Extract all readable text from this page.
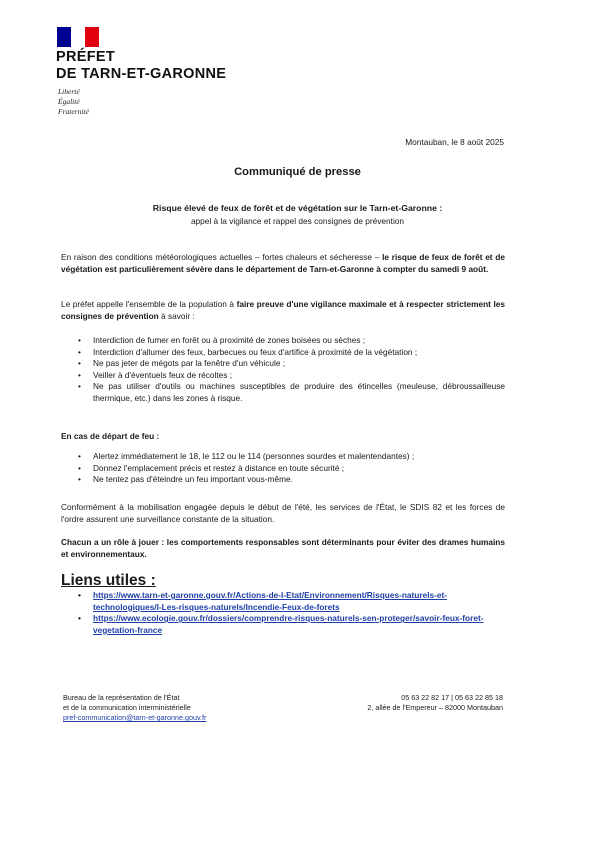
PRÉFET
DE TARN-ET-GARONNE
Liberté
Égalité
Fraternité
Montauban, le 8 août 2025
Communiqué de presse
Risque élevé de feux de forêt et de végétation sur le Tarn-et-Garonne :
appel à la vigilance et rappel des consignes de prévention
En raison des conditions météorologiques actuelles – fortes chaleurs et sécheresse – le risque de feux de forêt et de végétation est particulièrement sévère dans le département de Tarn-et-Garonne à compter du samedi 9 août.
Le préfet appelle l'ensemble de la population à faire preuve d'une vigilance maximale et à respecter strictement les consignes de prévention à savoir :
• Interdiction de fumer en forêt ou à proximité de zones boisées ou sèches ;
• Interdiction d'allumer des feux, barbecues ou feux d'artifice à proximité de la végétation ;
• Ne pas jeter de mégots par la fenêtre d'un véhicule ;
• Veiller à d'éventuels feux de récoltes ;
• Ne pas utiliser d'outils ou machines susceptibles de produire des étincelles (meuleuse, débroussailleuse thermique, etc.) dans les zones à risque.
En cas de départ de feu :
• Alertez immédiatement le 18, le 112 ou le 114 (personnes sourdes et malentendantes) ;
• Donnez l'emplacement précis et restez à distance en toute sécurité ;
• Ne tentez pas d'éteindre un feu important vous-même.
Conformément à la mobilisation engagée depuis le début de l'été, les services de l'État, le SDIS 82 et les forces de l'ordre assurent une surveillance constante de la situation.
Chacun a un rôle à jouer : les comportements responsables sont déterminants pour éviter des drames humains et environnementaux.
Liens utiles :
• https://www.tarn-et-garonne.gouv.fr/Actions-de-l-Etat/Environnement/Risques-naturels-et-technologiques/I-Les-risques-naturels/Incendie-Feux-de-forets
• https://www.ecologie.gouv.fr/dossiers/comprendre-risques-naturels-sen-proteger/savoir-feux-foret-vegetation-france
Bureau de la représentation de l'État
et de la communication interministérielle
pref-communication@tarn-et-garonne.gouv.fr
05 63 22 82 17 | 05 63 22 85 18
2, allée de l'Empereur – 82000 Montauban
